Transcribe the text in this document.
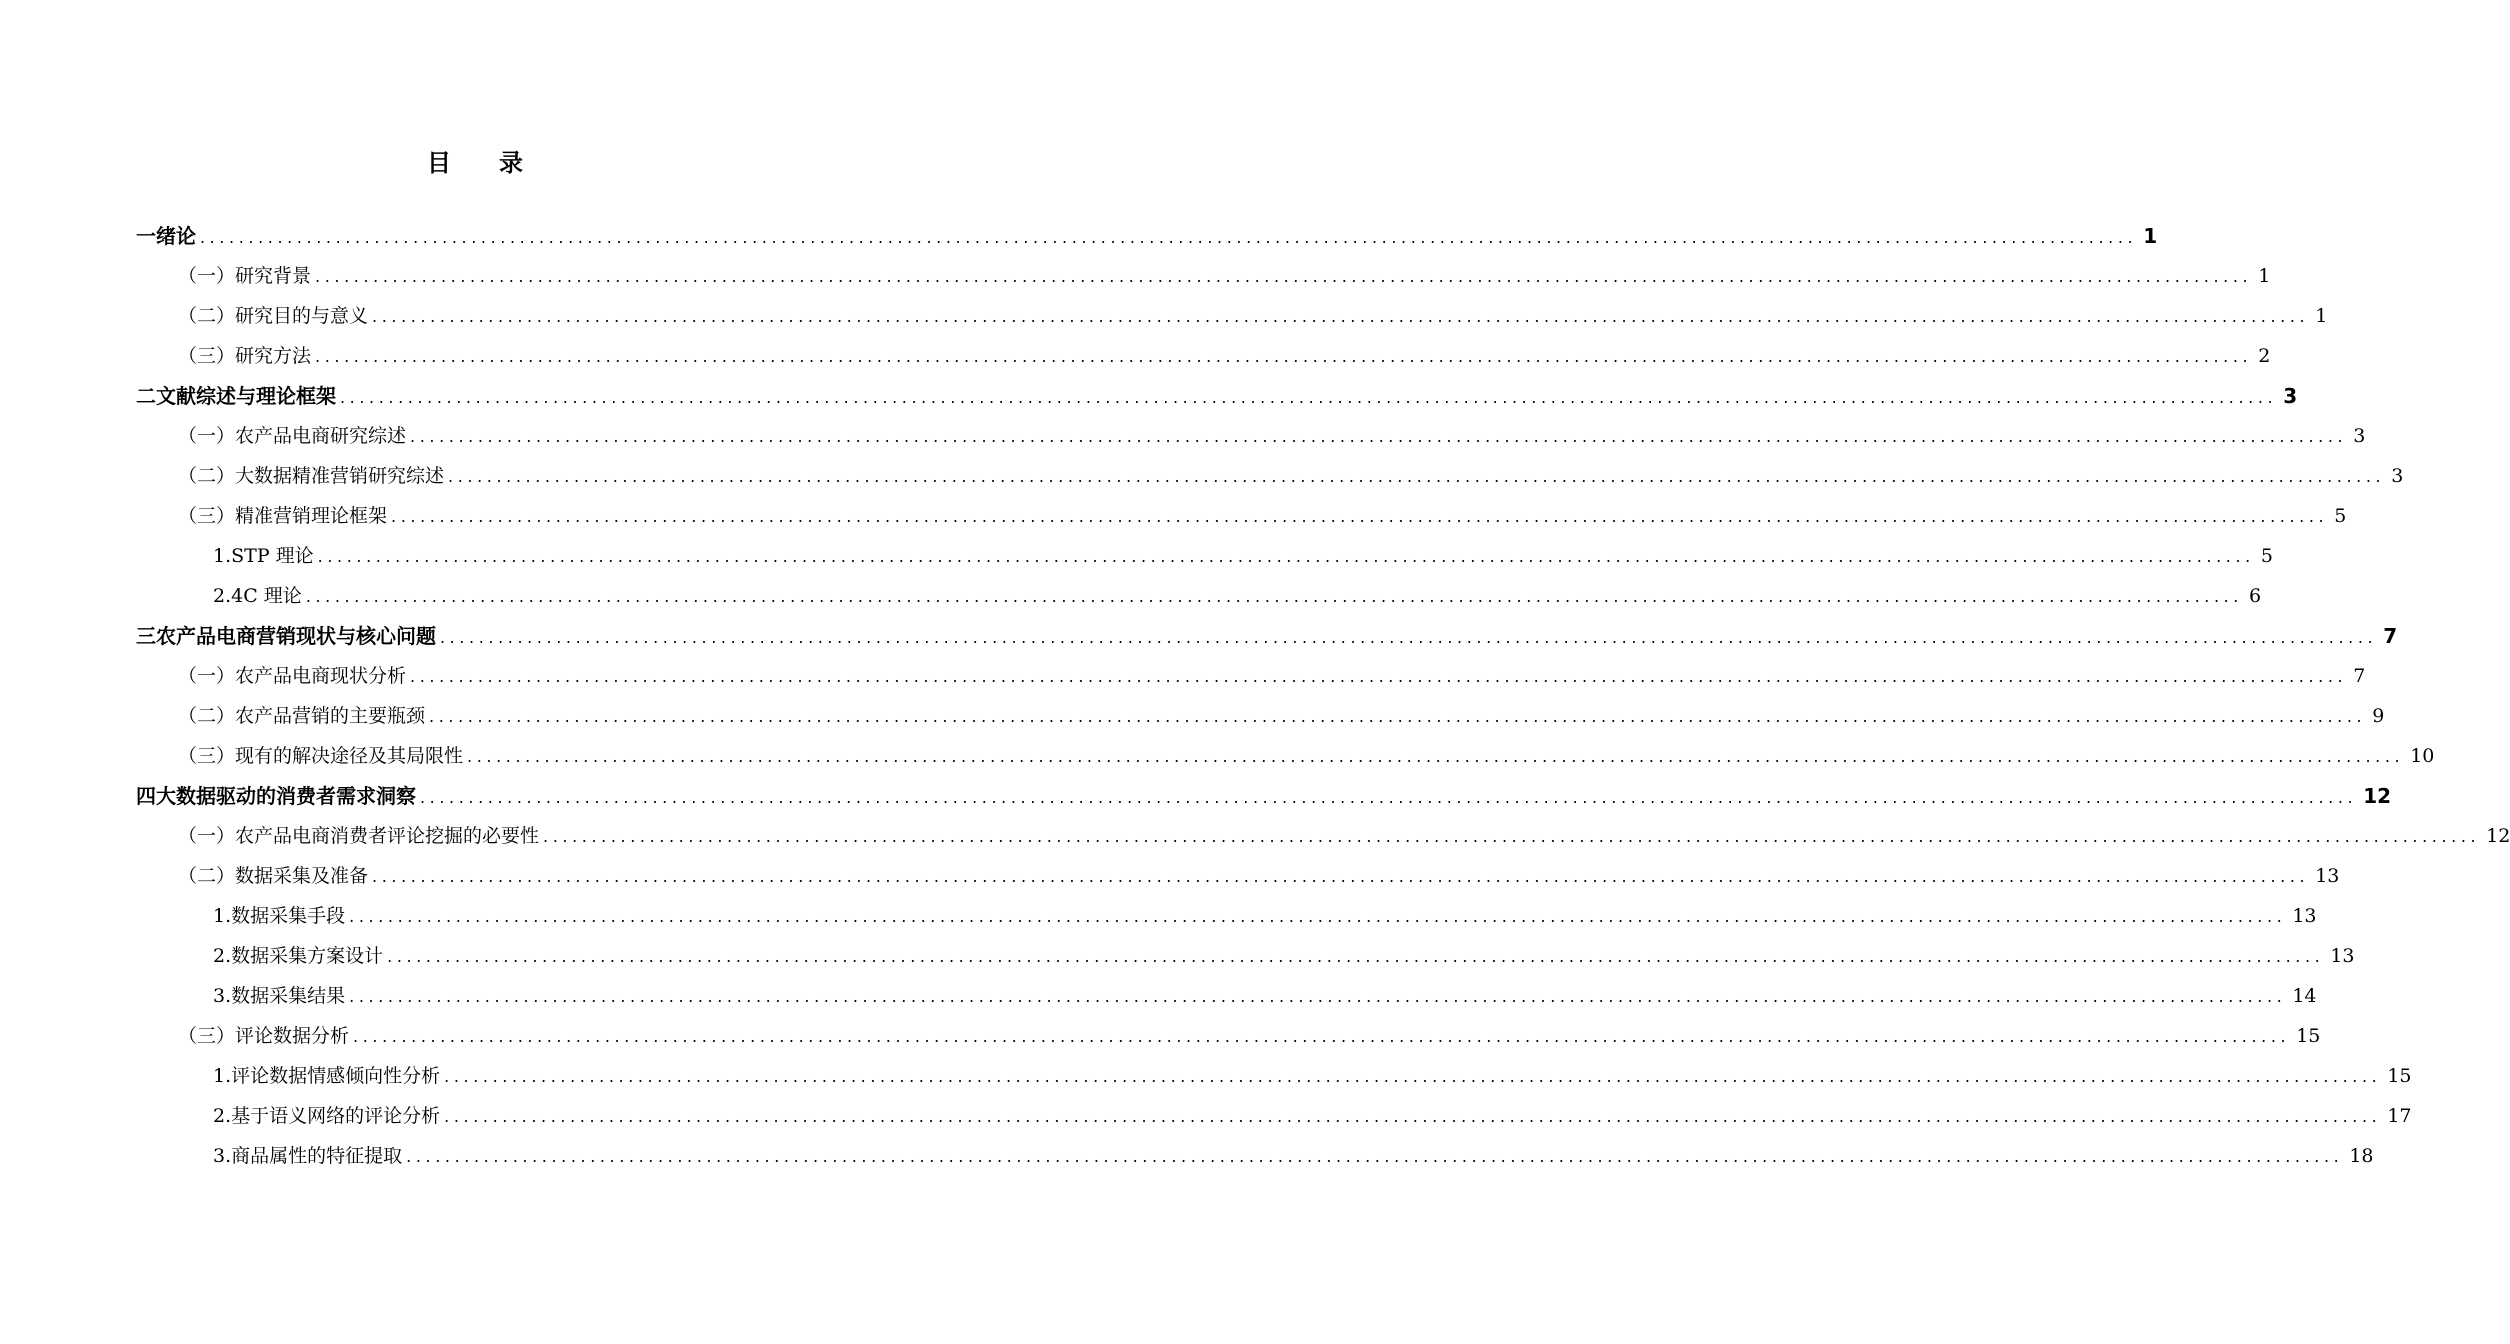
目 录
一 绪论 ........................................................................................................................................................................................................ 1
（一） 研究背景 ........................................................................................................................................................................................................ 1
（二） 研究目的与意义 ........................................................................................................................................................................................................ 1
（三） 研究方法 ........................................................................................................................................................................................................ 2
二 文献综述与理论框架 ........................................................................................................................................................................................................ 3
（一） 农产品电商研究综述 ........................................................................................................................................................................................................ 3
（二） 大数据精准营销研究综述 ........................................................................................................................................................................................................ 3
（三） 精准营销理论框架 ........................................................................................................................................................................................................ 5
1. STP 理论 ........................................................................................................................................................................................................ 5
2. 4C 理论 ........................................................................................................................................................................................................ 6
三 农产品电商营销现状与核心问题 ........................................................................................................................................................................................................ 7
（一） 农产品电商现状分析 ........................................................................................................................................................................................................ 7
（二） 农产品营销的主要瓶颈 ........................................................................................................................................................................................................ 9
（三） 现有的解决途径及其局限性 ........................................................................................................................................................................................................ 10
四 大数据驱动的消费者需求洞察 ........................................................................................................................................................................................................ 12
（一） 农产品电商消费者评论挖掘的必要性 ........................................................................................................................................................................................................ 12
（二） 数据采集及准备 ........................................................................................................................................................................................................ 13
1. 数据采集手段 ........................................................................................................................................................................................................ 13
2. 数据采集方案设计 ........................................................................................................................................................................................................ 13
3. 数据采集结果 ........................................................................................................................................................................................................ 14
（三） 评论数据分析 ........................................................................................................................................................................................................ 15
1. 评论数据情感倾向性分析 ........................................................................................................................................................................................................ 15
2. 基于语义网络的评论分析 ........................................................................................................................................................................................................ 17
3. 商品属性的特征提取 ........................................................................................................................................................................................................ 18
